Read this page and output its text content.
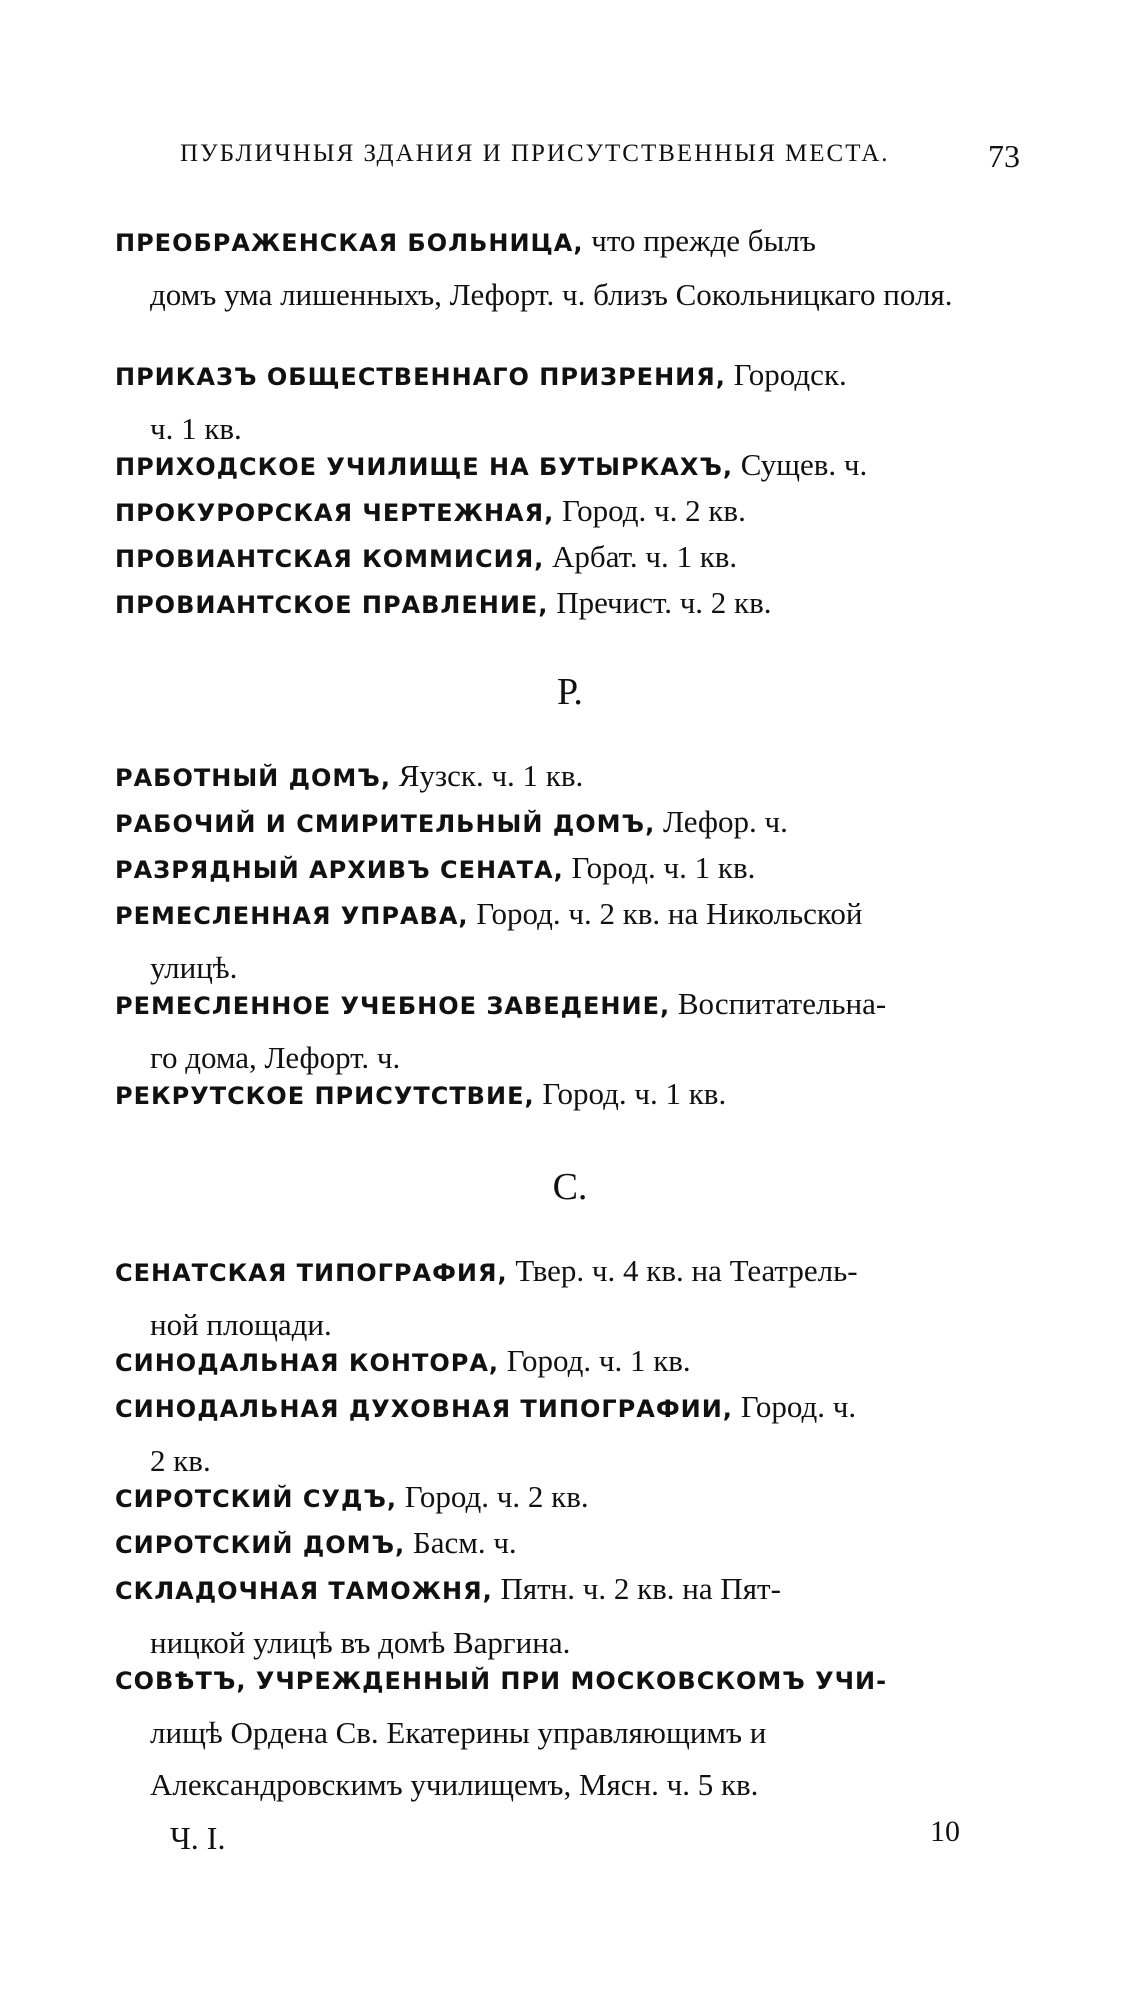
ПУБЛИЧНЫЯ ЗДАНИЯ И ПРИСУТСТВЕННЫЯ МЕСТА.	73
ПРЕОБРАЖЕНСКАЯ БОЛЬНИЦА, что прежде былъ
домъ ума лишенныхъ, Лефорт. ч. близъ Сокольницкаго поля.
ПРИКАЗЪ ОБЩЕСТВЕННАГО ПРИЗРЕНИЯ, Городск.
ч. 1 кв.
ПРИХОДСКОЕ УЧИЛИЩЕ НА БУТЫРКАХЪ, Сущев. ч.
ПРОКУРОРСКАЯ ЧЕРТЕЖНАЯ, Город. ч. 2 кв.
ПРОВИАНТСКАЯ КОММИСИЯ, Арбат. ч. 1 кв.
ПРОВИАНТСКОЕ ПРАВЛЕНИЕ, Пречист. ч. 2 кв.
Р.
РАБОТНЫЙ ДОМЪ, Яузск. ч. 1 кв.
РАБОЧИЙ И СМИРИТЕЛЬНЫЙ ДОМЪ, Лефор. ч.
РАЗРЯДНЫЙ АРХИВЪ СЕНАТА, Город. ч. 1 кв.
РЕМЕСЛЕННАЯ УПРАВА, Город. ч. 2 кв. на Никольской
улицѣ.
РЕМЕСЛЕННОЕ УЧЕБНОЕ ЗАВЕДЕНИЕ, Воспитательна-
го дома, Лефорт. ч.
РЕКРУТСКОЕ ПРИСУТСТВИЕ, Город. ч. 1 кв.
С.
СЕНАТСКАЯ ТИПОГРАФИЯ, Твер. ч. 4 кв. на Театрель-
ной площади.
СИНОДАЛЬНАЯ КОНТОРА, Город. ч. 1 кв.
СИНОДАЛЬНАЯ ДУХОВНАЯ ТИПОГРАФИИ, Город. ч.
2 кв.
СИРОТСКИЙ СУДЪ, Город. ч. 2 кв.
СИРОТСКИЙ ДОМЪ, Басм. ч.
СКЛАДОЧНАЯ ТАМОЖНЯ, Пятн. ч. 2 кв. на Пят-
ницкой улицѣ въ домѣ Варгина.
СОВѢТЪ, УЧРЕЖДЕННЫЙ ПРИ МОСКОВСКОМЪ УЧИ-
лищѣ Ордена Св. Екатерины управляющимъ и Александровскимъ училищемъ, Мясн. ч. 5 кв.
Ч. I.	10
